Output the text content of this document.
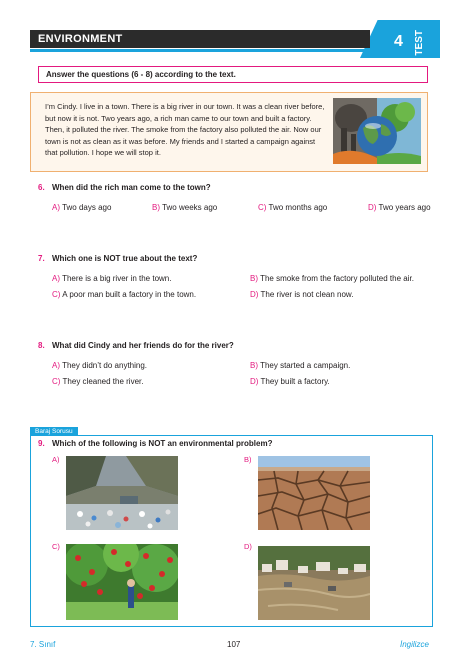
ENVIRONMENT	4 TEST
Answer the questions (6 - 8) according to the text.
I’m Cindy. I live in a town. There is a big river in our town. It was a clean river before,
but now it is not. Two years ago, a rich man came to our town and built a factory.
Then, it polluted the river. The smoke from the factory also polluted the air. Now our
town is not as clean as it was before. My friends and I started a campaign against
that pollution. I hope we will stop it.
6. When did the rich man come to the town?
A) Two days ago	B) Two weeks ago	C) Two months ago	D) Two years ago
7. Which one is NOT true about the text?
A) There is a big river in the town.	B) The smoke from the factory polluted the air.
C) A poor man built a factory in the town.	D) The river is not clean now.
8. What did Cindy and her friends do for the river?
A) They didn’t do anything.	B) They started a campaign.
C) They cleaned the river.	D) They built a factory.
Baraj Sorusu
9. Which of the following is NOT an environmental problem?
A)	B)
C)	D)
7. Sınıf	107	İngilizce
